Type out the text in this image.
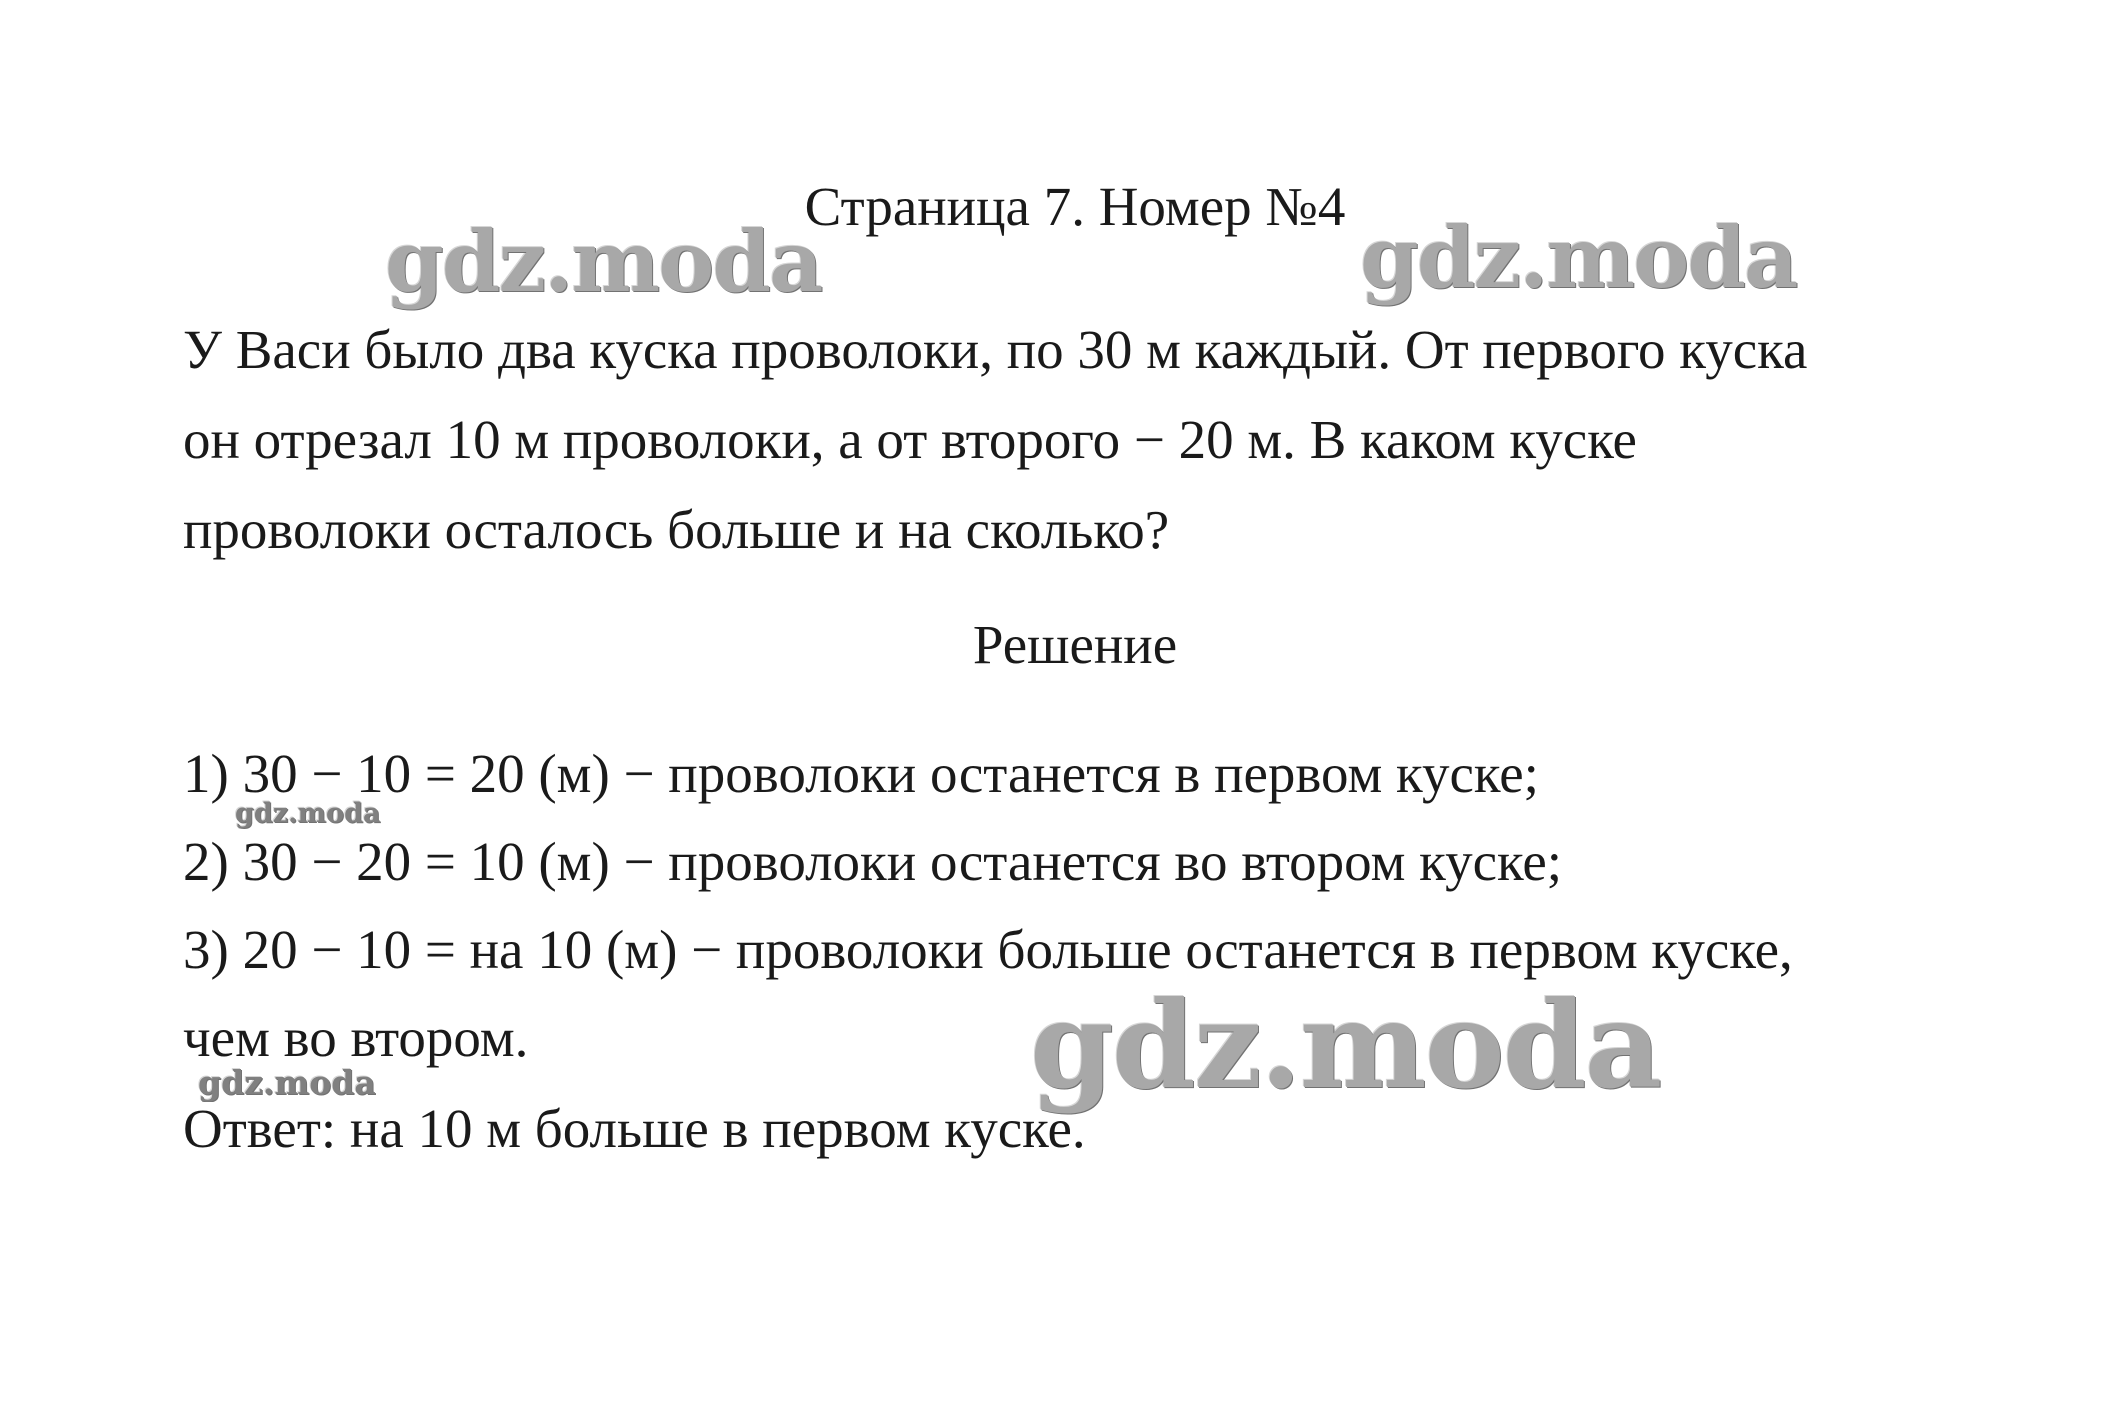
Страница 7. Номер №4
У Васи было два куска проволоки, по 30 м каждый. От первого куска
он отрезал 10 м проволоки, а от второго − 20 м. В каком куске
проволоки осталось больше и на сколько?
Решение
1) 30 − 10 = 20 (м) − проволоки останется в первом куске;
2) 30 − 20 = 10 (м) − проволоки останется во втором куске;
3) 20 − 10 = на 10 (м) − проволоки больше останется в первом куске,
чем во втором.
Ответ: на 10 м больше в первом куске.
gdz.moda	gdz.moda
gdz.moda
gdz.moda
gdz.moda
